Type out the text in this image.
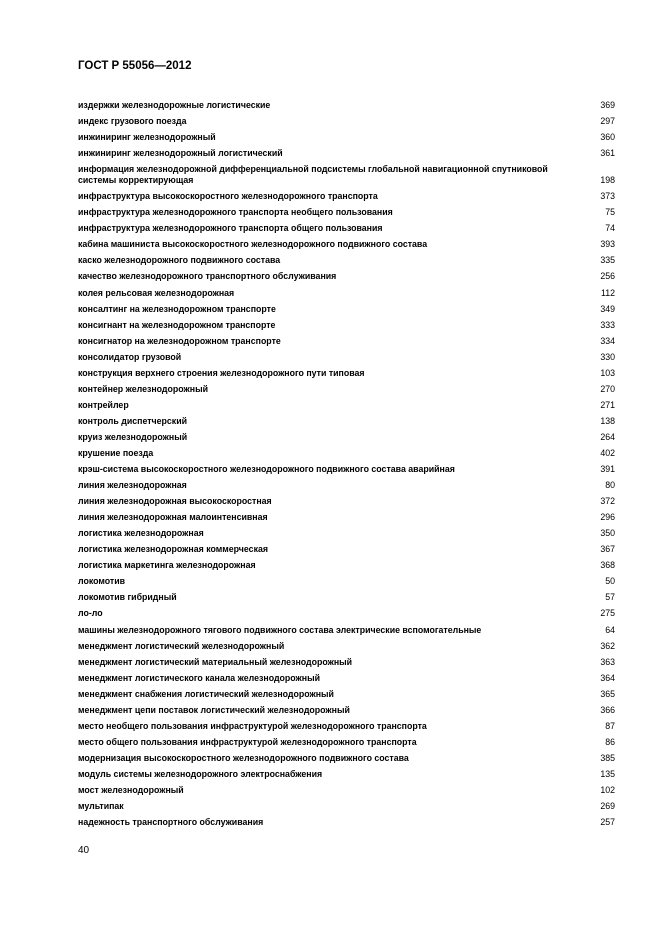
ГОСТ Р 55056—2012
издержки железнодорожные логистические	369
индекс грузового поезда	297
инжиниринг железнодорожный	360
инжиниринг железнодорожный логистический	361
информация железнодорожной дифференциальной подсистемы глобальной навигационной спутниковой системы корректирующая	198
инфраструктура высокоскоростного железнодорожного транспорта	373
инфраструктура железнодорожного транспорта необщего пользования	75
инфраструктура железнодорожного транспорта общего пользования	74
кабина машиниста высокоскоростного железнодорожного подвижного состава	393
каско железнодорожного подвижного состава	335
качество железнодорожного транспортного обслуживания	256
колея рельсовая железнодорожная	112
консалтинг на железнодорожном транспорте	349
консигнант на железнодорожном транспорте	333
консигнатор на железнодорожном транспорте	334
консолидатор грузовой	330
конструкция верхнего строения железнодорожного пути типовая	103
контейнер железнодорожный	270
контрейлер	271
контроль диспетчерский	138
круиз железнодорожный	264
крушение поезда	402
крэш-система высокоскоростного железнодорожного подвижного состава аварийная	391
линия железнодорожная	80
линия железнодорожная высокоскоростная	372
линия железнодорожная малоинтенсивная	296
логистика железнодорожная	350
логистика железнодорожная коммерческая	367
логистика маркетинга железнодорожная	368
локомотив	50
локомотив гибридный	57
ло-ло	275
машины железнодорожного тягового подвижного состава электрические вспомогательные	64
менеджмент логистический железнодорожный	362
менеджмент логистический материальный железнодорожный	363
менеджмент логистического канала железнодорожный	364
менеджмент снабжения логистический железнодорожный	365
менеджмент цепи поставок логистический железнодорожный	366
место необщего пользования инфраструктурой железнодорожного транспорта	87
место общего пользования инфраструктурой железнодорожного транспорта	86
модернизация высокоскоростного железнодорожного подвижного состава	385
модуль системы железнодорожного электроснабжения	135
мост железнодорожный	102
мультипак	269
надежность транспортного обслуживания	257
40
